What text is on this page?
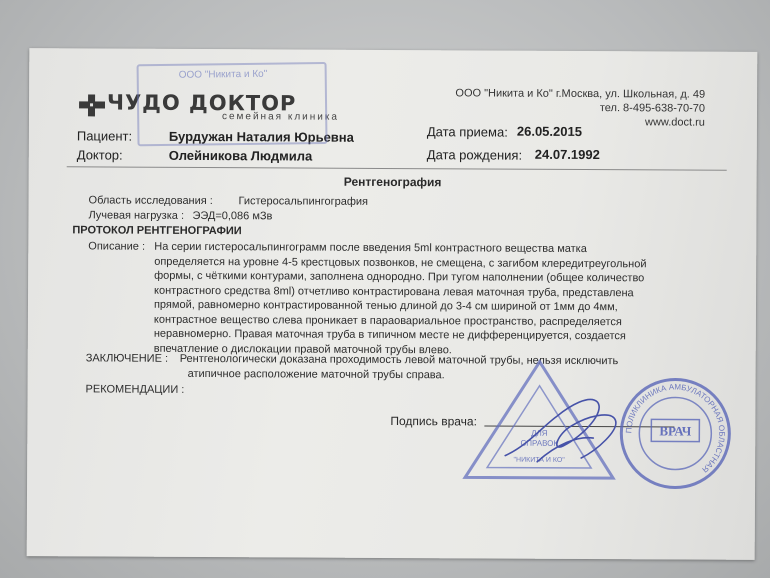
ЧУДО ДОКТОР
семейная клиника
ООО "Никита и Ко" г.Москва, ул. Школьная, д. 49
тел. 8-495-638-70-70
www.doct.ru
Пациент:	Бурдужан Наталия Юрьевна
Доктор:	Олейникова Людмила
Дата приема: 26.05.2015
Дата рождения: 24.07.1992
Рентгенография
Область исследования : Гистеросальпингография
Лучевая нагрузка : ЭЭД=0,086 мЗв
ПРОТОКОЛ РЕНТГЕНОГРАФИИ
Описание : На серии гистеросальпингограмм после введения 5ml контрастного вещества матка
определяется на уровне 4-5 крестцовых позвонков, не смещена, с загибом клередитреугольной
формы, с чёткими контурами, заполнена однородно. При тугом наполнении (общее количество
контрастного средства 8ml) отчетливо контрастирована левая маточная труба, представлена
прямой, равномерно контрастированной тенью длиной до 3-4 см шириной от 1мм до 4мм,
контрастное вещество слева проникает в параовариальное пространство, распределяется
неравномерно. Правая маточная труба в типичном месте не дифференцируется, создается
впечатление о дислокации правой маточной трубы влево.
ЗАКЛЮЧЕНИЕ : Рентгенологически доказана проходимость левой маточной трубы, нельзя исключить
атипичное расположение маточной трубы справа.
РЕКОМЕНДАЦИИ :
Подпись врача:
ООО "Никита и Ко"
ДЛЯ
СПРАВОК
"НИКИТА И КО"
ПОЛИКЛИНИКА АМБУЛАТОРНАЯ ОБЛАСТНАЯ
ВРАЧ
